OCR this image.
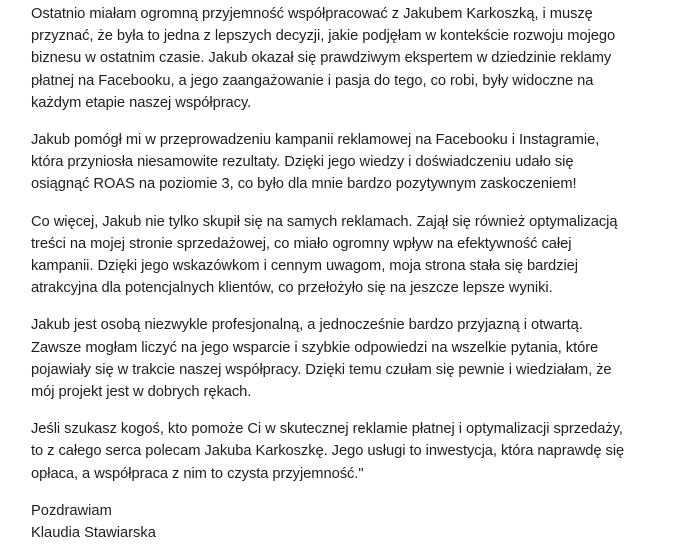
Ostatnio miałam ogromną przyjemność współpracować z Jakubem Karkoszką, i muszę przyznać, że była to jedna z lepszych decyzji, jakie podjęłam w kontekście rozwoju mojego biznesu w ostatnim czasie. Jakub okazał się prawdziwym ekspertem w dziedzinie reklamy płatnej na Facebooku, a jego zaangażowanie i pasja do tego, co robi, były widoczne na każdym etapie naszej współpracy.

Jakub pomógł mi w przeprowadzeniu kampanii reklamowej na Facebooku i Instagramie, która przyniosła niesamowite rezultaty. Dzięki jego wiedzy i doświadczeniu udało się osiągnąć ROAS na poziomie 3, co było dla mnie bardzo pozytywnym zaskoczeniem!

Co więcej, Jakub nie tylko skupił się na samych reklamach. Zajął się również optymalizacją treści na mojej stronie sprzedażowej, co miało ogromny wpływ na efektywność całej kampanii. Dzięki jego wskazówkom i cennym uwagom, moja strona stała się bardziej atrakcyjna dla potencjalnych klientów, co przełożyło się na jeszcze lepsze wyniki.

Jakub jest osobą niezwykle profesjonalną, a jednocześnie bardzo przyjazną i otwartą. Zawsze mogłam liczyć na jego wsparcie i szybkie odpowiedzi na wszelkie pytania, które pojawiały się w trakcie naszej współpracy. Dzięki temu czułam się pewnie i wiedziałam, że mój projekt jest w dobrych rękach.

Jeśli szukasz kogoś, kto pomoże Ci w skutecznej reklamie płatnej i optymalizacji sprzedaży, to z całego serca polecam Jakuba Karkoszkę. Jego usługi to inwestycja, która naprawdę się opłaca, a współpraca z nim to czysta przyjemność."

Pozdrawiam
Klaudia Stawiarska
